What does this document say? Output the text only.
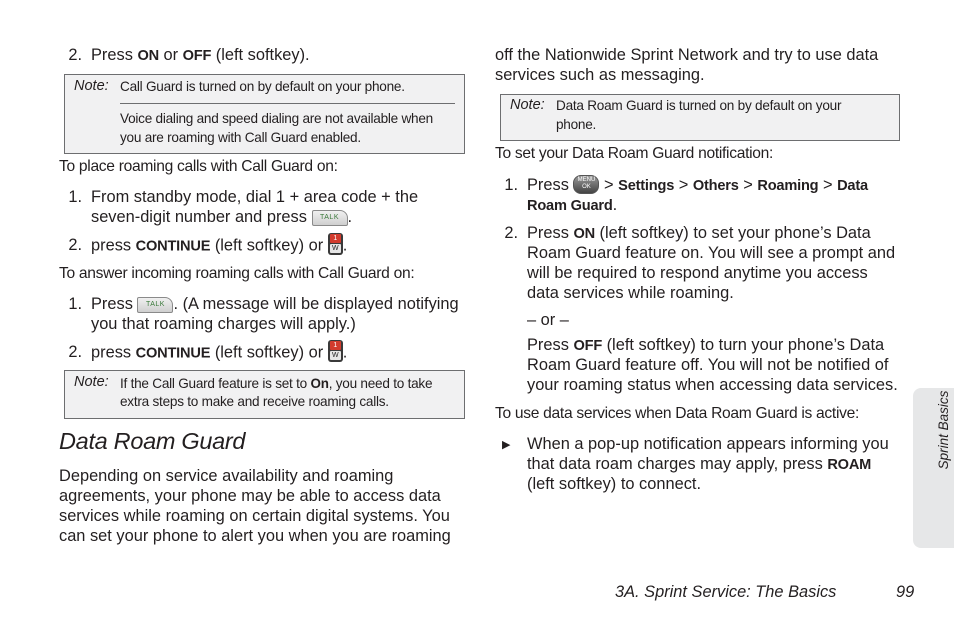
2. Press ON or OFF (left softkey).
Note: Call Guard is turned on by default on your phone.
Voice dialing and speed dialing are not available when
you are roaming with Call Guard enabled.
To place roaming calls with Call Guard on:
1. From standby mode, dial 1 + area code + the
seven-digit number and press TALK .
2. press CONTINUE (left softkey) or	1
W .
To answer incoming roaming calls with Call Guard on:
1. Press TALK . (A message will be displayed notifying
you that roaming charges will apply.)
2. press CONTINUE (left softkey) or	1
W .
Note: If the Call Guard feature is set to On, you need to take
extra steps to make and receive roaming calls.
Data Roam Guard
Depending on service availability and roaming
agreements, your phone may be able to access data
services while roaming on certain digital systems. You
can set your phone to alert you when you are roaming
off the Nationwide Sprint Network and try to use data
services such as messaging.
Note: Data Roam Guard is turned on by default on your
phone.
To set your Data Roam Guard notification:
1. Press	MENU
OK > Settings > Others > Roaming > Data
Roam Guard.
2. Press ON (left softkey) to set your phone’s Data
Roam Guard feature on. You will see a prompt and
will be required to respond anytime you access
data services while roaming.
– or –
Press OFF (left softkey) to turn your phone’s Data
Roam Guard feature off. You will not be notified of
your roaming status when accessing data services.
To use data services when Data Roam Guard is active:
▶ When a pop-up notification appears informing you
that data roam charges may apply, press ROAM
(left softkey) to connect.
Sprint Basics
3A. Sprint Service: The Basics	99
